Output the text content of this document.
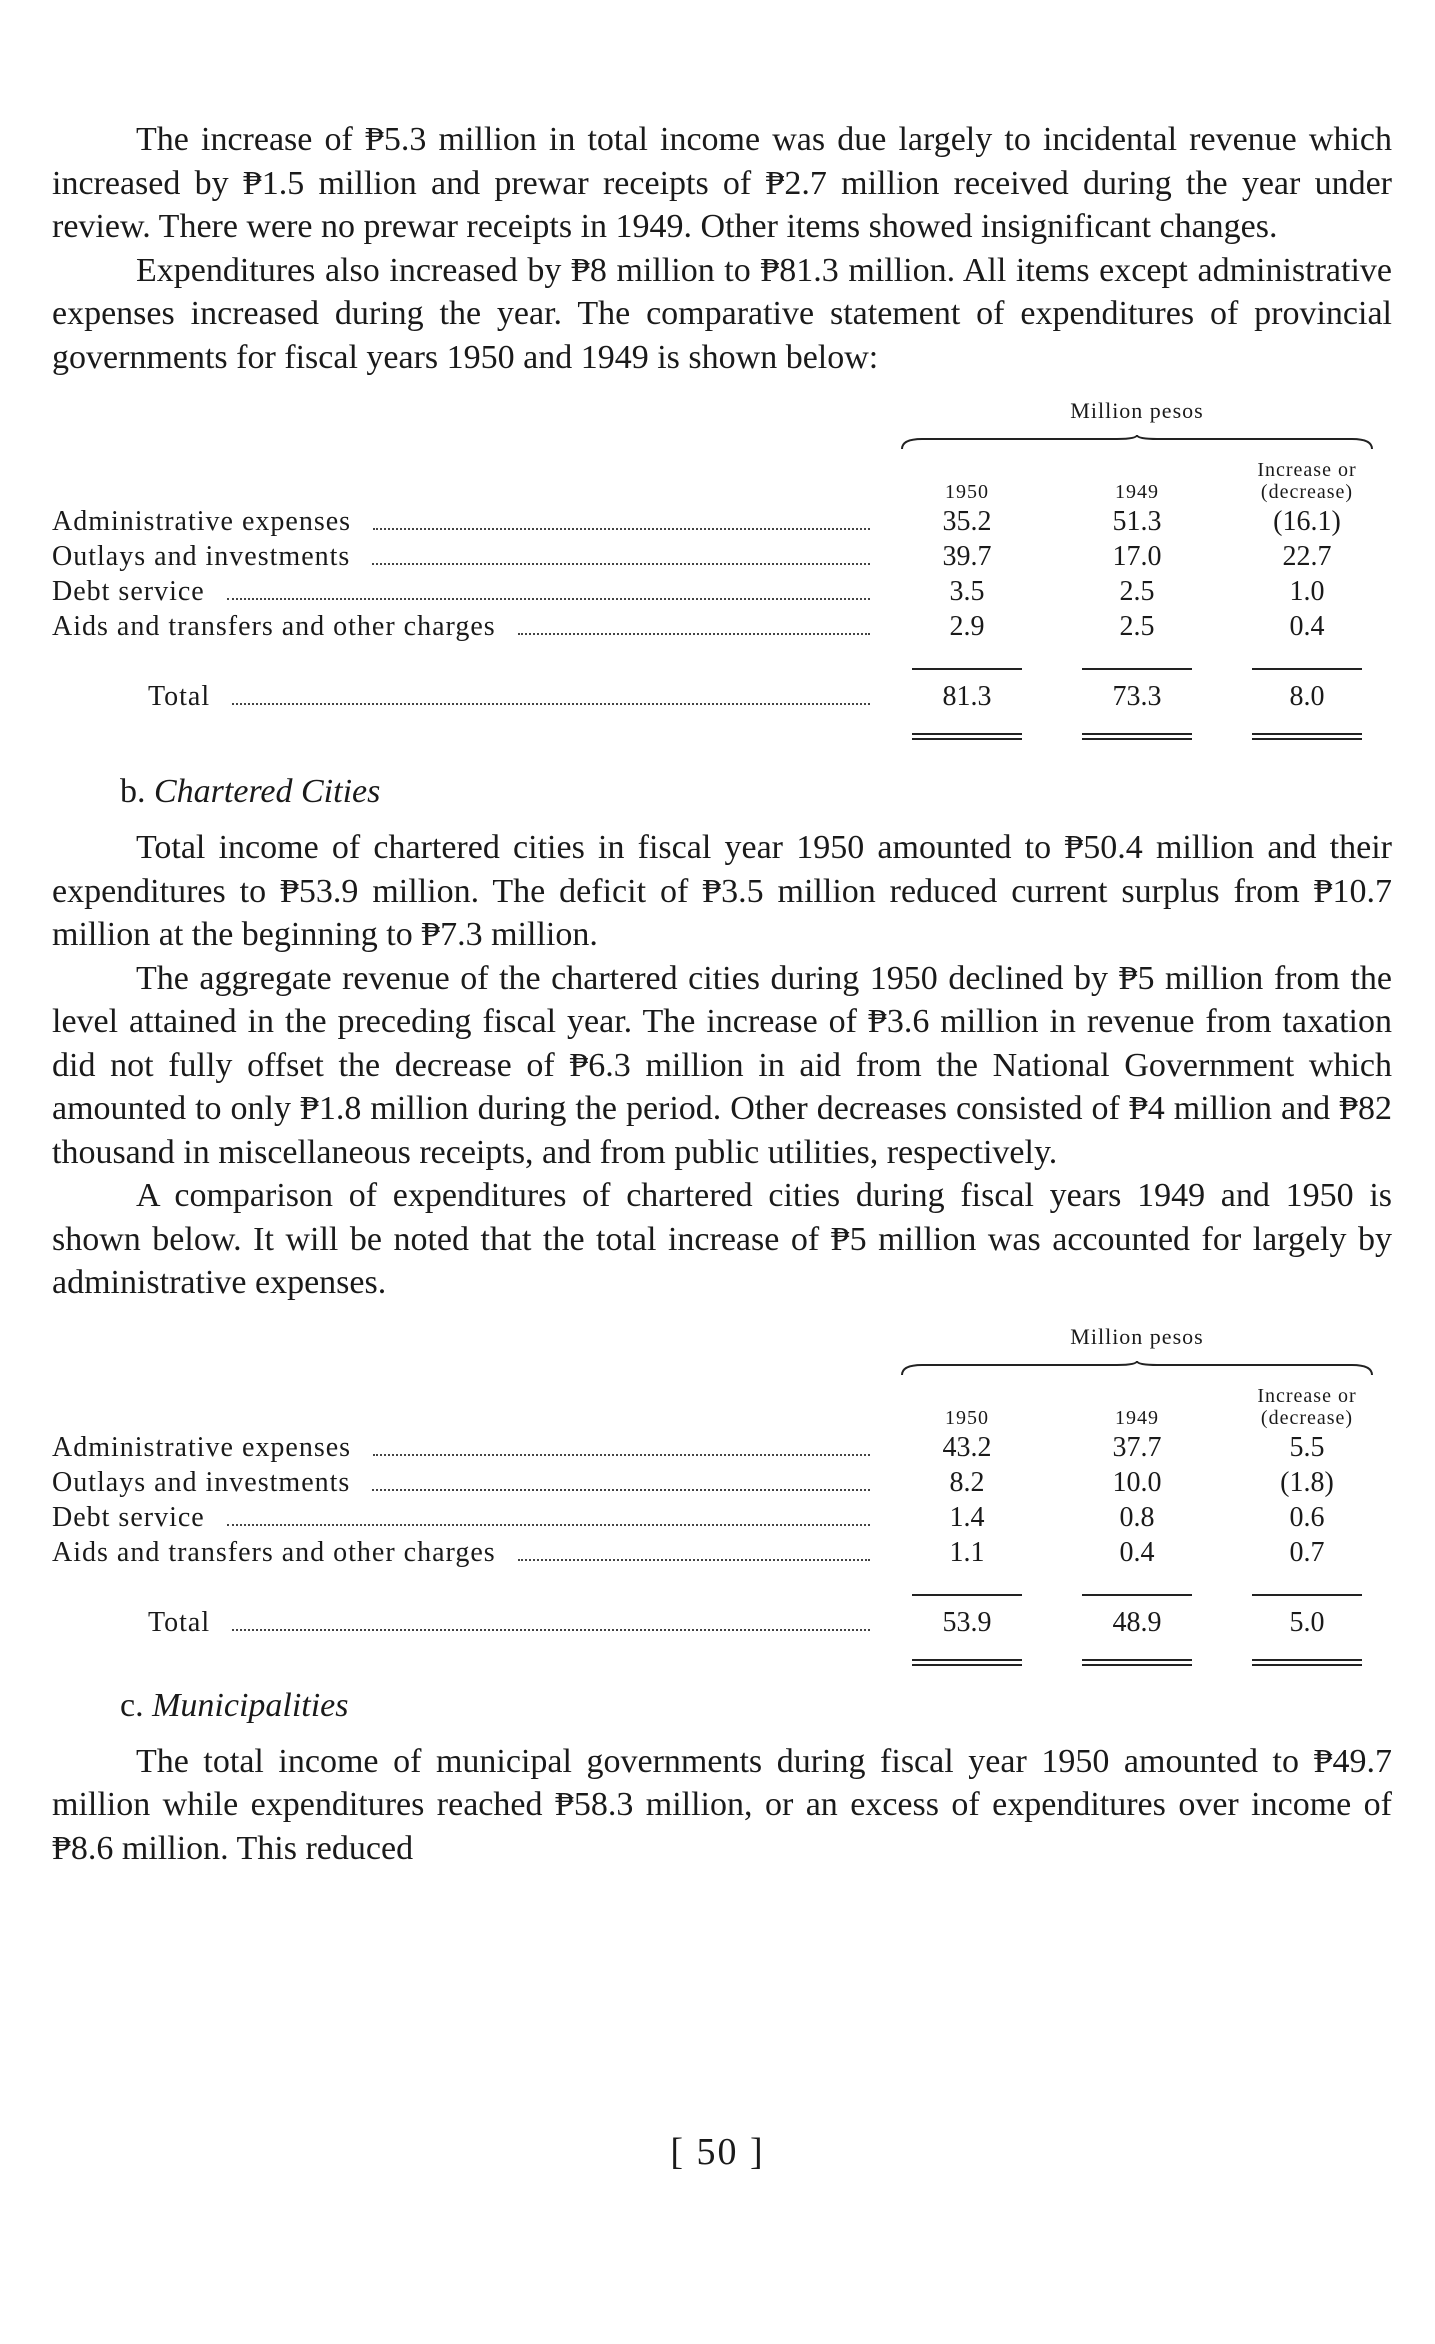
The increase of ₱5.3 million in total income was due largely to incidental revenue which increased by ₱1.5 million and prewar receipts of ₱2.7 million received during the year under review. There were no prewar receipts in 1949. Other items showed insignificant changes.

Expenditures also increased by ₱8 million to ₱81.3 million. All items except administrative expenses increased during the year. The comparative statement of expenditures of provincial governments for fiscal years 1950 and 1949 is shown below:

	Million pesos		

	1950	1949	Increase or
(decrease)

Administrative expenses	35.2	51.3	(16.1)

Outlays and investments	39.7	17.0	22.7

Debt service	3.5	2.5	1.0

Aids and transfers and other charges	2.9	2.5	0.4

Total	81.3	73.3	8.0

b. Chartered Cities

Total income of chartered cities in fiscal year 1950 amounted to ₱50.4 million and their expenditures to ₱53.9 million. The deficit of ₱3.5 million reduced current surplus from ₱10.7 million at the beginning to ₱7.3 million.

The aggregate revenue of the chartered cities during 1950 declined by ₱5 million from the level attained in the preceding fiscal year. The increase of ₱3.6 million in revenue from taxation did not fully offset the decrease of ₱6.3 million in aid from the National Government which amounted to only ₱1.8 million during the period. Other decreases consisted of ₱4 million and ₱82 thousand in miscellaneous receipts, and from public utilities, respectively.

A comparison of expenditures of chartered cities during fiscal years 1949 and 1950 is shown below. It will be noted that the total increase of ₱5 million was accounted for largely by administrative expenses.

	Million pesos		

	1950	1949	Increase or
(decrease)

Administrative expenses	43.2	37.7	5.5

Outlays and investments	8.2	10.0	(1.8)

Debt service	1.4	0.8	0.6

Aids and transfers and other charges	1.1	0.4	0.7

Total	53.9	48.9	5.0

c. Municipalities

The total income of municipal governments during fiscal year 1950 amounted to ₱49.7 million while expenditures reached ₱58.3 million, or an excess of expenditures over income of ₱8.6 million. This reduced

[ 50 ]
